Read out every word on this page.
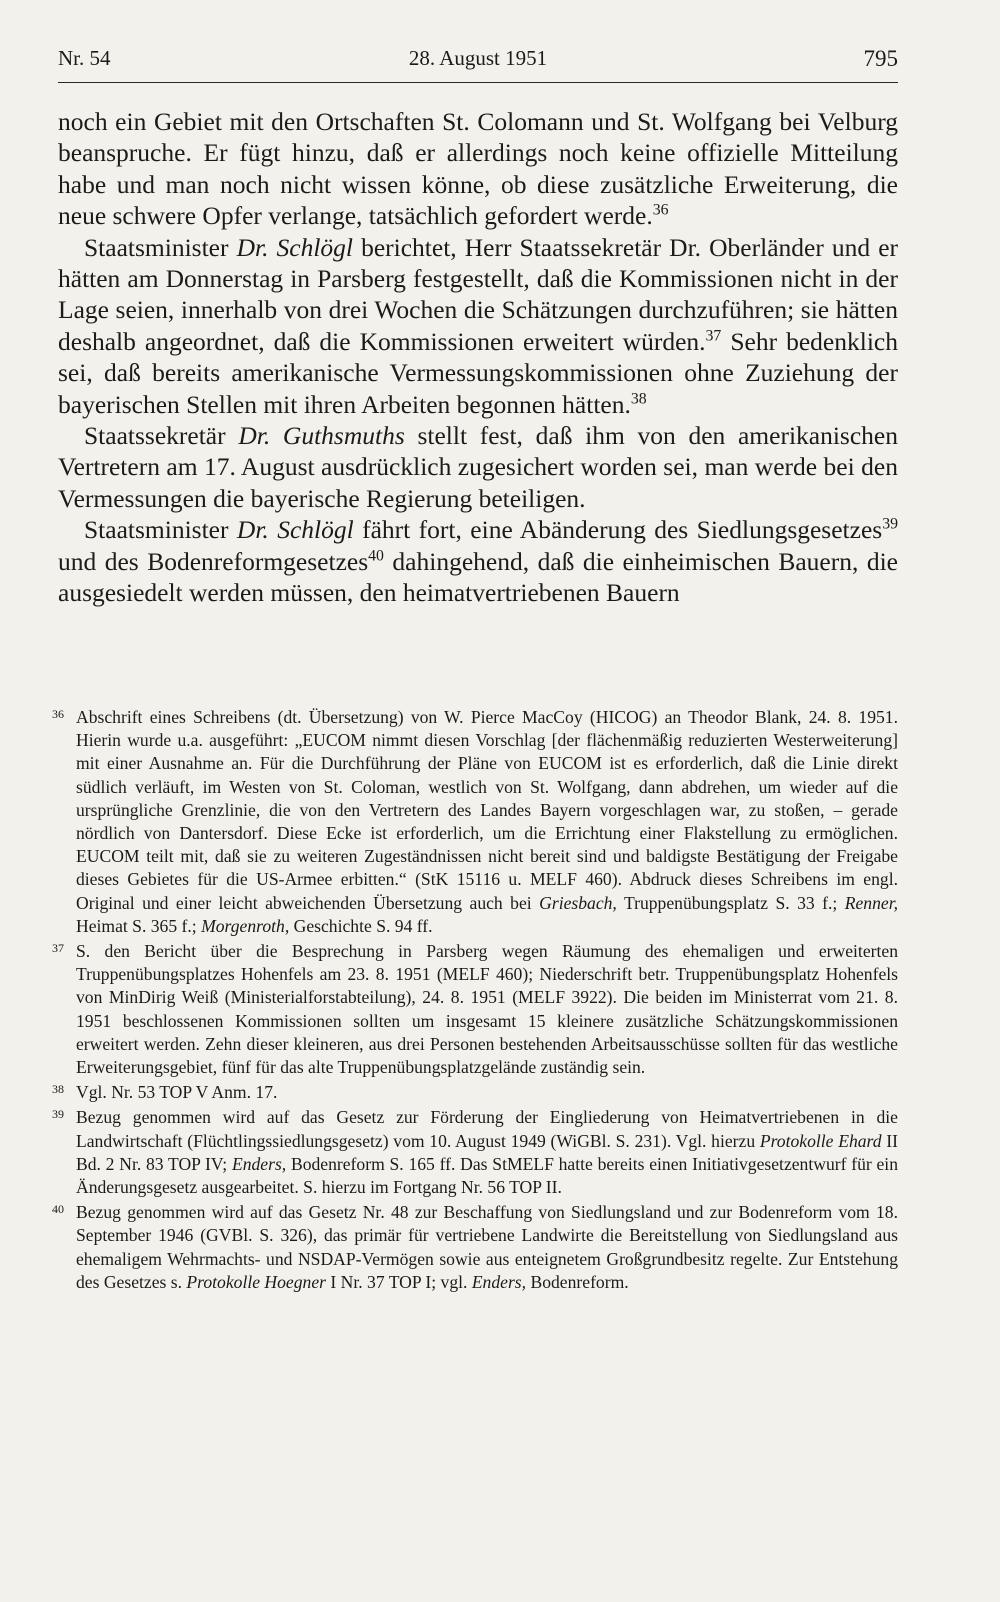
Nr. 54	28. August 1951	795

noch ein Gebiet mit den Ortschaften St. Colomann und St. Wolfgang bei Velburg beanspruche. Er fügt hinzu, daß er allerdings noch keine offizielle Mitteilung habe und man noch nicht wissen könne, ob diese zusätzliche Erweiterung, die neue schwere Opfer verlange, tatsächlich gefordert werde.$^{36}$

Staatsminister Dr. Schlögl berichtet, Herr Staatssekretär Dr. Oberländer und er hätten am Donnerstag in Parsberg festgestellt, daß die Kommissionen nicht in der Lage seien, innerhalb von drei Wochen die Schätzungen durchzuführen; sie hätten deshalb angeordnet, daß die Kommissionen erweitert würden.$^{37}$ Sehr bedenklich sei, daß bereits amerikanische Vermessungskommissionen ohne Zuziehung der bayerischen Stellen mit ihren Arbeiten begonnen hätten.$^{38}$

Staatssekretär Dr. Guthsmuths stellt fest, daß ihm von den amerikanischen Vertretern am 17. August ausdrücklich zugesichert worden sei, man werde bei den Vermessungen die bayerische Regierung beteiligen.

Staatsminister Dr. Schlögl fährt fort, eine Abänderung des Siedlungsgesetzes$^{39}$ und des Bodenreformgesetzes$^{40}$ dahingehend, daß die einheimischen Bauern, die ausgesiedelt werden müssen, den heimatvertriebenen Bauern

36 Abschrift eines Schreibens (dt. Übersetzung) von W. Pierce MacCoy (HICOG) an Theodor Blank, 24. 8. 1951. Hierin wurde u.a. ausgeführt: „EUCOM nimmt diesen Vorschlag [der flächenmäßig reduzierten Westerweiterung] mit einer Ausnahme an. Für die Durchführung der Pläne von EUCOM ist es erforderlich, daß die Linie direkt südlich verläuft, im Westen von St. Coloman, westlich von St. Wolfgang, dann abdrehen, um wieder auf die ursprüngliche Grenzlinie, die von den Vertretern des Landes Bayern vorgeschlagen war, zu stoßen, – gerade nördlich von Dantersdorf. Diese Ecke ist erforderlich, um die Errichtung einer Flakstellung zu ermöglichen. EUCOM teilt mit, daß sie zu weiteren Zugeständnissen nicht bereit sind und baldigste Bestätigung der Freigabe dieses Gebietes für die US-Armee erbitten.“ (StK 15116 u. MELF 460). Abdruck dieses Schreibens im engl. Original und einer leicht abweichenden Übersetzung auch bei Griesbach, Truppenübungsplatz S. 33 f.; Renner, Heimat S. 365 f.; Morgenroth, Geschichte S. 94 ff.
37 S. den Bericht über die Besprechung in Parsberg wegen Räumung des ehemaligen und erweiterten Truppenübungsplatzes Hohenfels am 23. 8. 1951 (MELF 460); Niederschrift betr. Truppenübungsplatz Hohenfels von MinDirig Weiß (Ministerialforstabteilung), 24. 8. 1951 (MELF 3922). Die beiden im Ministerrat vom 21. 8. 1951 beschlossenen Kommissionen sollten um insgesamt 15 kleinere zusätzliche Schätzungskommissionen erweitert werden. Zehn dieser kleineren, aus drei Personen bestehenden Arbeitsausschüsse sollten für das westliche Erweiterungsgebiet, fünf für das alte Truppenübungsplatzgelände zuständig sein.
38 Vgl. Nr. 53 TOP V Anm. 17.
39 Bezug genommen wird auf das Gesetz zur Förderung der Eingliederung von Heimatvertriebenen in die Landwirtschaft (Flüchtlingssiedlungsgesetz) vom 10. August 1949 (WiGBl. S. 231). Vgl. hierzu Protokolle Ehard II Bd. 2 Nr. 83 TOP IV; Enders, Bodenreform S. 165 ff. Das StMELF hatte bereits einen Initiativgesetzentwurf für ein Änderungsgesetz ausgearbeitet. S. hierzu im Fortgang Nr. 56 TOP II.
40 Bezug genommen wird auf das Gesetz Nr. 48 zur Beschaffung von Siedlungsland und zur Bodenreform vom 18. September 1946 (GVBl. S. 326), das primär für vertriebene Landwirte die Bereitstellung von Siedlungsland aus ehemaligem Wehrmachts- und NSDAP-Vermögen sowie aus enteignetem Großgrundbesitz regelte. Zur Entstehung des Gesetzes s. Protokolle Hoegner I Nr. 37 TOP I; vgl. Enders, Bodenreform.
